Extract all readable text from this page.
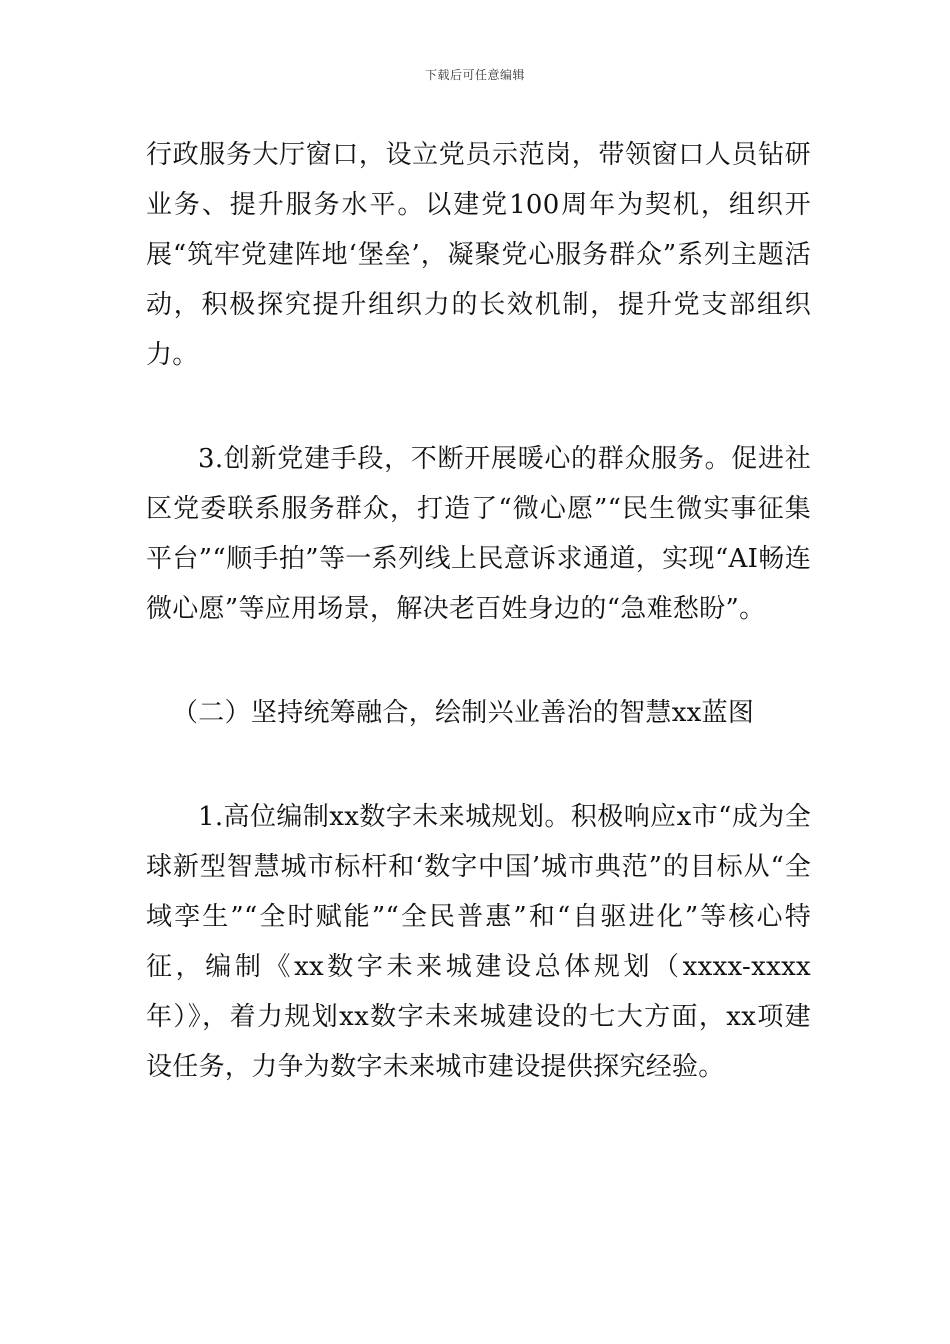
下载后可任意编辑

行政服务大厅窗口，设立党员示范岗，带领窗口人员钻研业务、提升服务水平。以建党100周年为契机，组织开展“筑牢党建阵地‘堡垒’，凝聚党心服务群众”系列主题活动，积极探究提升组织力的长效机制，提升党支部组织力。

3.创新党建手段，不断开展暖心的群众服务。促进社区党委联系服务群众，打造了“微心愿”“民生微实事征集平台”“顺手拍”等一系列线上民意诉求通道，实现“AI畅连微心愿”等应用场景，解决老百姓身边的“急难愁盼”。

（二）坚持统筹融合，绘制兴业善治的智慧xx蓝图

1.高位编制xx数字未来城规划。积极响应x市“成为全球新型智慧城市标杆和‘数字中国’城市典范”的目标从“全域孪生”“全时赋能”“全民普惠”和“自驱进化”等核心特征，编制《xx数字未来城建设总体规划（xxxx-xxxx年）》，着力规划xx数字未来城建设的七大方面，xx项建设任务，力争为数字未来城市建设提供探究经验。
